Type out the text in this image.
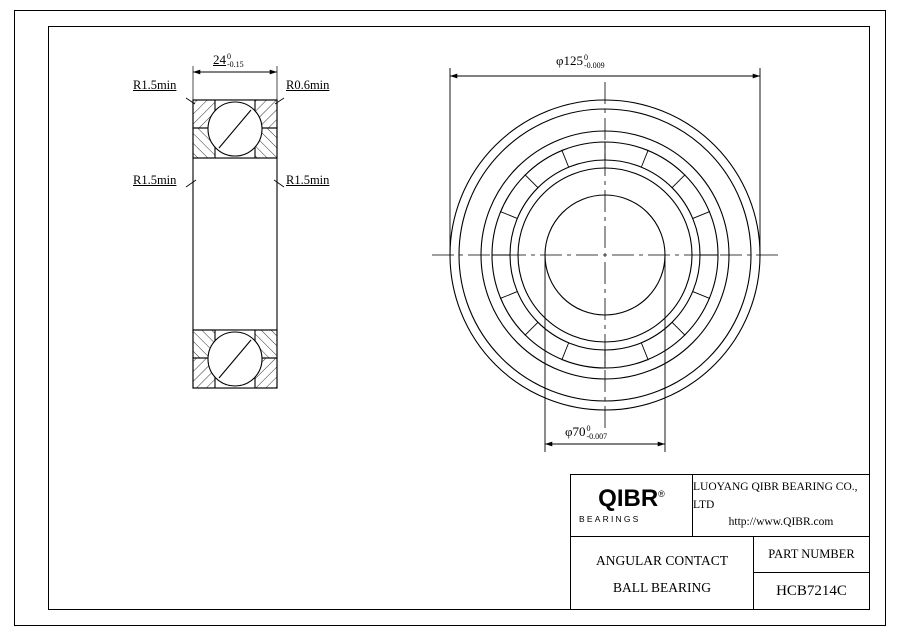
24 0
-0.15
R1.5min	R0.6min
R1.5min	R1.5min
φ125 0
-0.009
φ70 0
-0.007
QIBR®
BEARINGS
LUOYANG QIBR BEARING CO., LTD
http://www.QIBR.com
ANGULAR CONTACT
BALL BEARING
PART NUMBER
HCB7214C
